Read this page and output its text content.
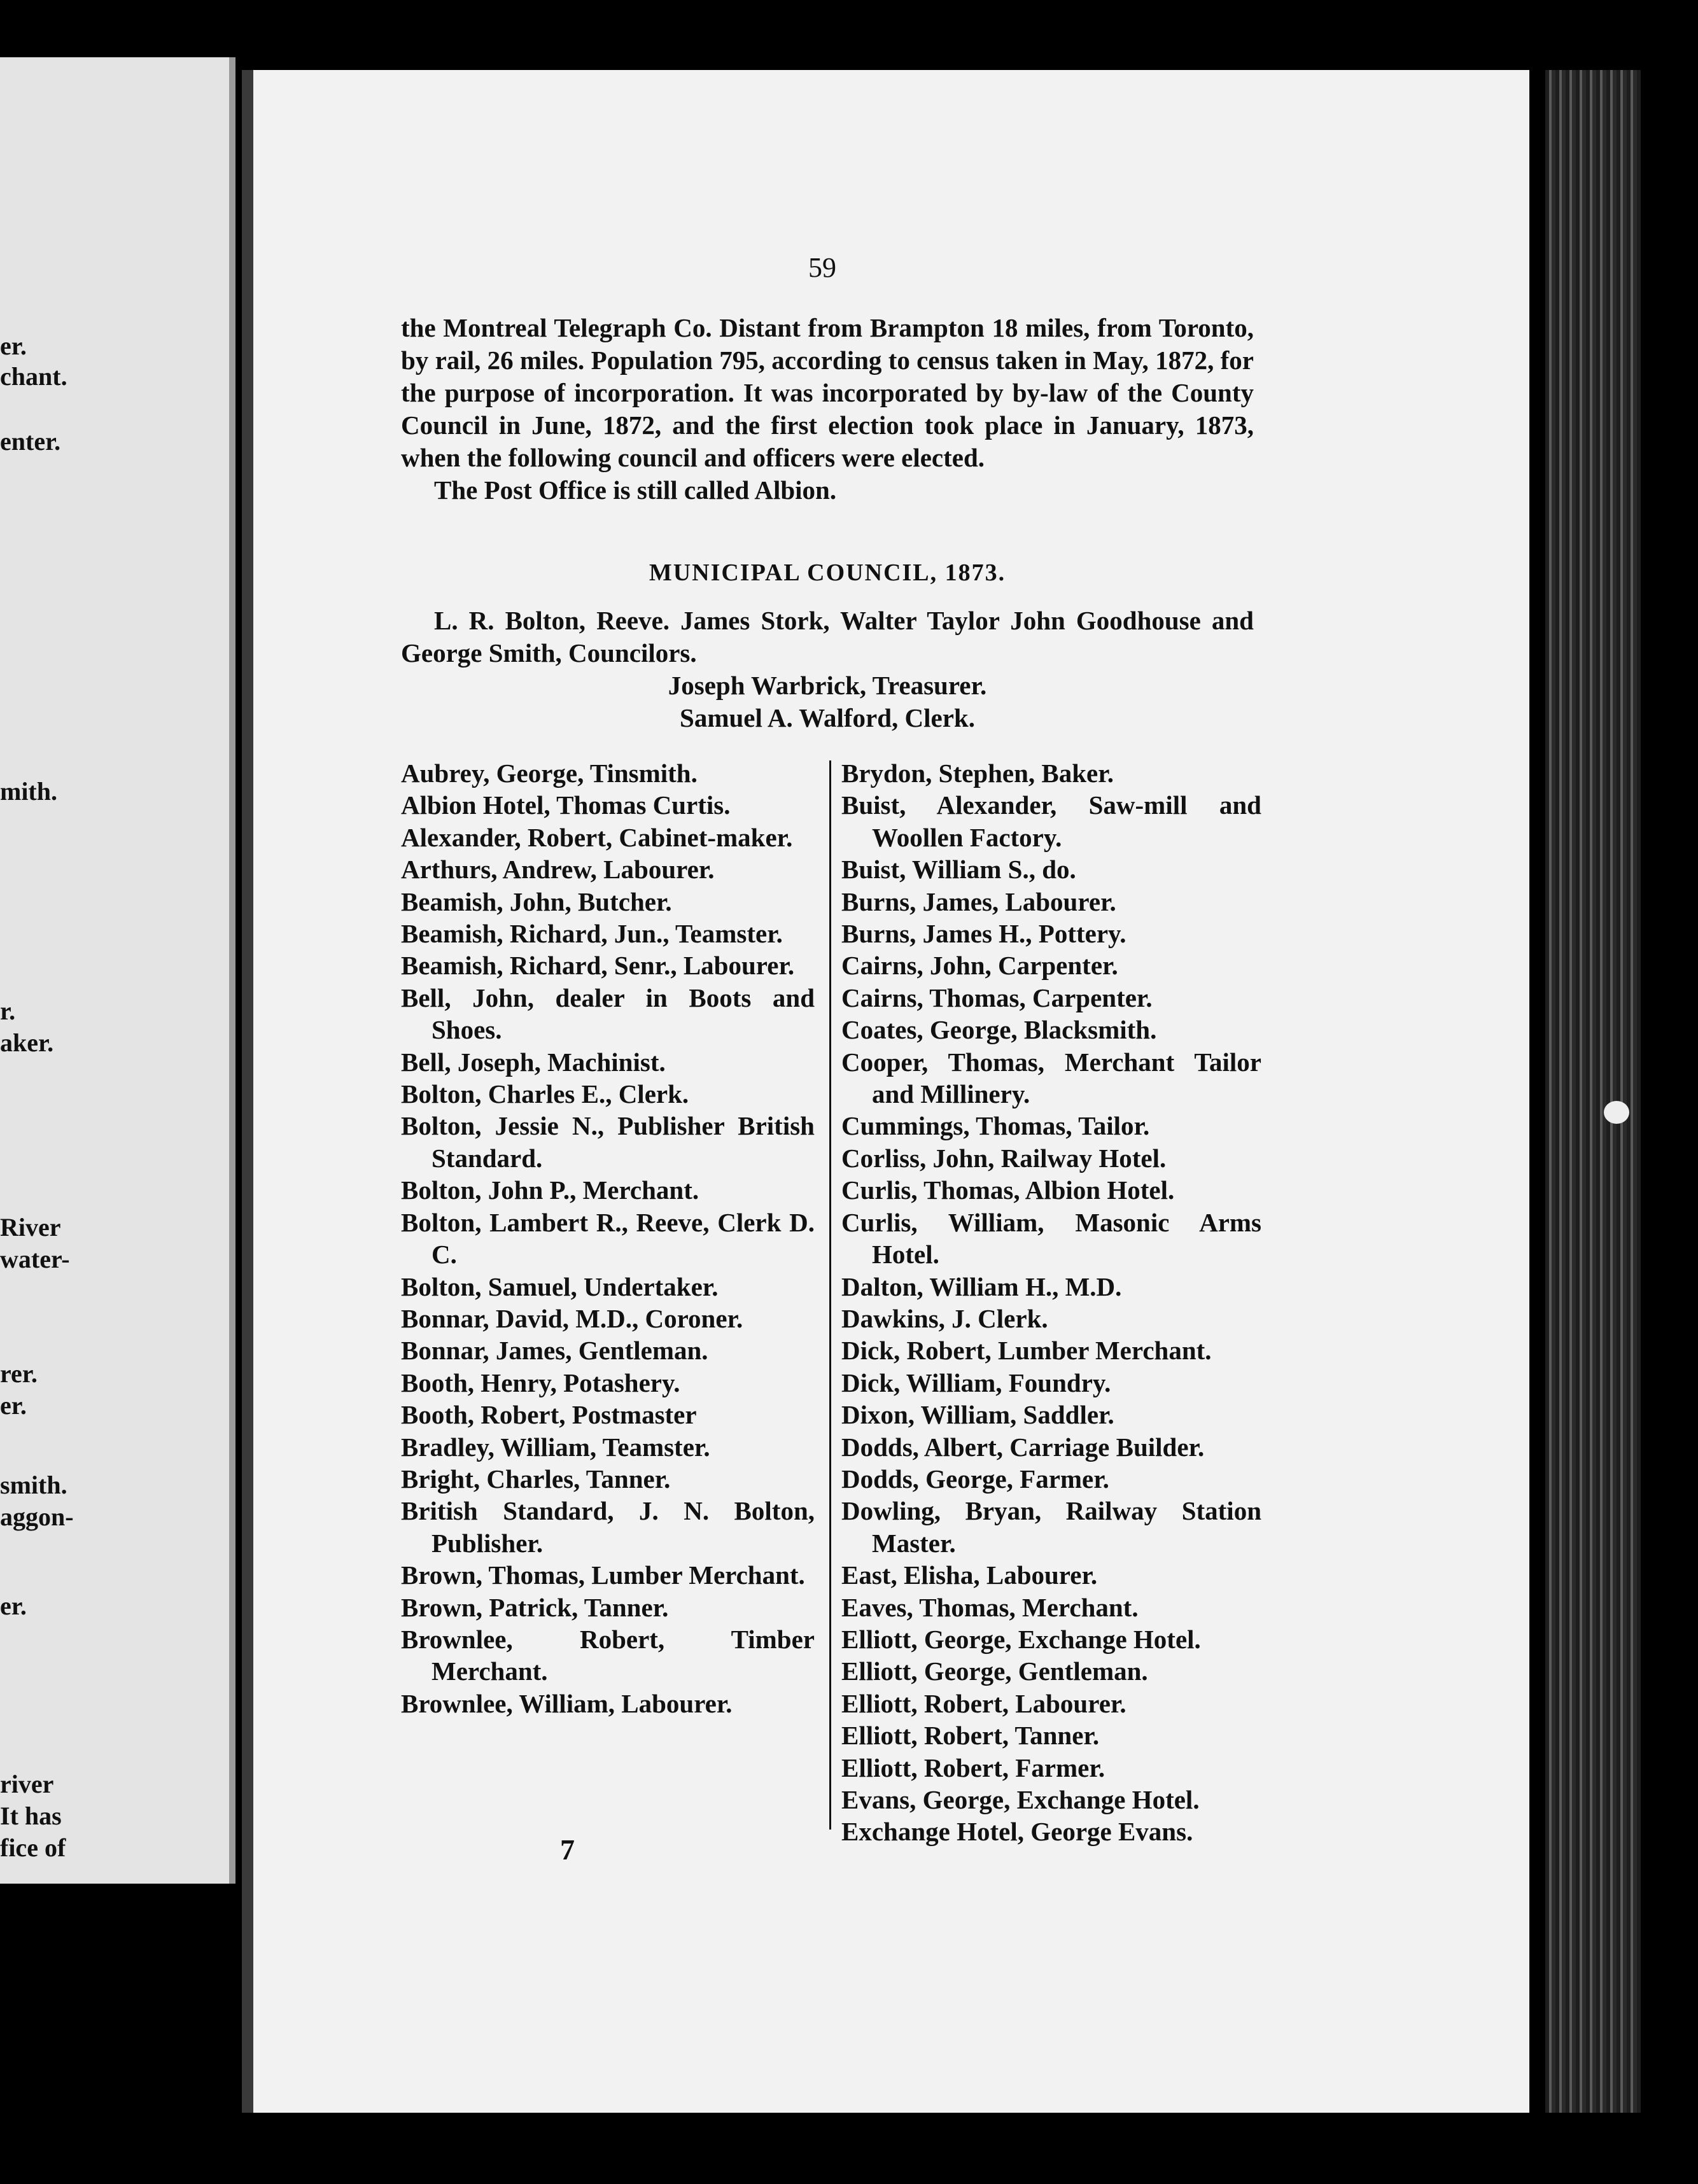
er.
chant.
enter.
mith.
r.
aker.
River
water-
rer.
er.
smith.
aggon-
er.
river
It has
fice of
59

the Montreal Telegraph Co. Distant from Brampton 18 miles, from Toronto, by rail, 26 miles. Population 795, according to census taken in May, 1872, for the purpose of incorporation. It was incorporated by by-law of the County Council in June, 1872, and the first election took place in January, 1873, when the following council and officers were elected.

The Post Office is still called Albion.

MUNICIPAL COUNCIL, 1873.

L. R. Bolton, Reeve. James Stork, Walter Taylor John Goodhouse and George Smith, Councilors.

Joseph Warbrick, Treasurer.

Samuel A. Walford, Clerk.

Aubrey, George, Tinsmith.
Albion Hotel, Thomas Curtis.
Alexander, Robert, Cabinet-maker.
Arthurs, Andrew, Labourer.
Beamish, John, Butcher.
Beamish, Richard, Jun., Teamster.
Beamish, Richard, Senr., Labourer.
Bell, John, dealer in Boots and Shoes.
Bell, Joseph, Machinist.
Bolton, Charles E., Clerk.
Bolton, Jessie N., Publisher British Standard.
Bolton, John P., Merchant.
Bolton, Lambert R., Reeve, Clerk D. C.
Bolton, Samuel, Undertaker.
Bonnar, David, M.D., Coroner.
Bonnar, James, Gentleman.
Booth, Henry, Potashery.
Booth, Robert, Postmaster
Bradley, William, Teamster.
Bright, Charles, Tanner.
British Standard, J. N. Bolton, Publisher.
Brown, Thomas, Lumber Merchant.
Brown, Patrick, Tanner.
Brownlee, Robert, Timber Merchant.
Brownlee, William, Labourer.
Brydon, Stephen, Baker.
Buist, Alexander, Saw-mill and Woollen Factory.
Buist, William S., do.
Burns, James, Labourer.
Burns, James H., Pottery.
Cairns, John, Carpenter.
Cairns, Thomas, Carpenter.
Coates, George, Blacksmith.
Cooper, Thomas, Merchant Tailor and Millinery.
Cummings, Thomas, Tailor.
Corliss, John, Railway Hotel.
Curlis, Thomas, Albion Hotel.
Curlis, William, Masonic Arms Hotel.
Dalton, William H., M.D.
Dawkins, J. Clerk.
Dick, Robert, Lumber Merchant.
Dick, William, Foundry.
Dixon, William, Saddler.
Dodds, Albert, Carriage Builder.
Dodds, George, Farmer.
Dowling, Bryan, Railway Station Master.
East, Elisha, Labourer.
Eaves, Thomas, Merchant.
Elliott, George, Exchange Hotel.
Elliott, George, Gentleman.
Elliott, Robert, Labourer.
Elliott, Robert, Tanner.
Elliott, Robert, Farmer.
Evans, George, Exchange Hotel.
Exchange Hotel, George Evans.
7
